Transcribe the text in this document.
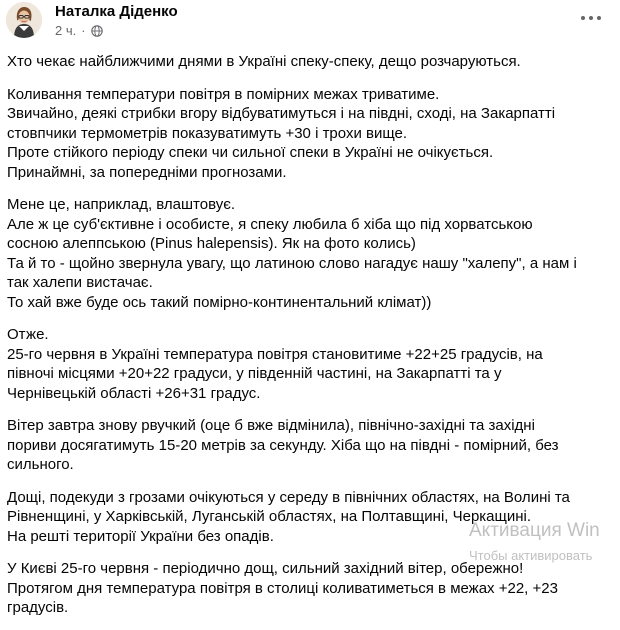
Наталка Діденко
2 ч. ·
Хто чекає найближчими днями в Україні спеку-спеку, дещо розчаруються.
Коливання температури повітря в помірних межах триватиме.
Звичайно, деякі стрибки вгору відбуватимуться і на півдні, сході, на Закарпатті
стовпчики термометрів показуватимуть +30 і трохи вище.
Проте стійкого періоду спеки чи сильної спеки в Україні не очікується.
Принаймні, за попередніми прогнозами.
Мене це, наприклад, влаштовує.
Але ж це суб'єктивне і особисте, я спеку любила б хіба що під хорватською
сосною алеппською (Pinus halepensis). Як на фото колись)
Та й то - щойно звернула увагу, що латиною слово нагадує нашу "халепу", а нам і
так халепи вистачає.
То хай вже буде ось такий помірно-континентальний клімат))
Отже.
25-го червня в Україні температура повітря становитиме +22+25 градусів, на
півночі місцями +20+22 градуси, у південній частині, на Закарпатті та у
Чернівецькій області +26+31 градус.
Вітер завтра знову рвучкий (оце б вже відмінила), північно-західні та західні
пориви досягатимуть 15-20 метрів за секунду. Хіба що на півдні - помірний, без
сильного.
Дощі, подекуди з грозами очікуються у середу в північних областях, на Волині та
Рівненщині, у Харківській, Луганській областях, на Полтавщині, Черкащині.
На решті території України без опадів.
У Києві 25-го червня - періодично дощ, сильний західний вітер, обережно!
Протягом дня температура повітря в столиці коливатиметься в межах +22, +23
градусів.
Активация Win
Чтобы активировать
